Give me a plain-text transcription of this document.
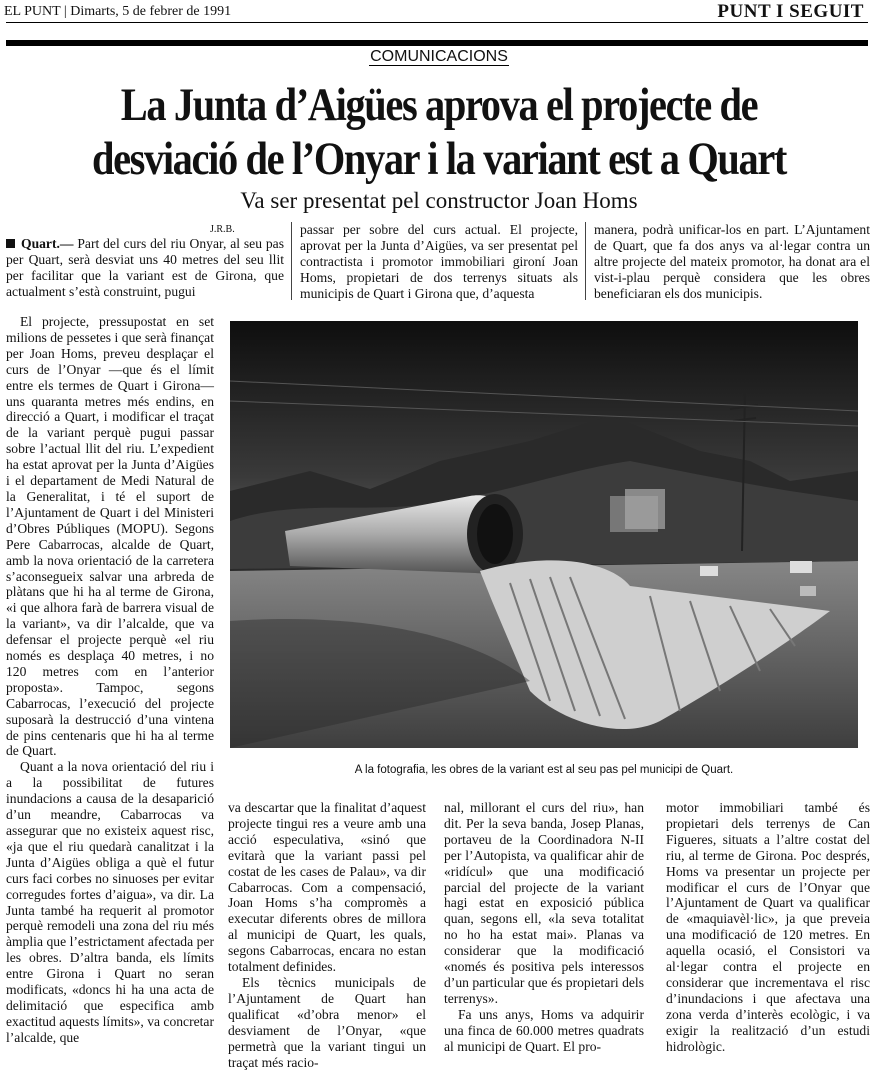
EL PUNT | Dimarts, 5 de febrer de 1991	PUNT I SEGUIT
COMUNICACIONS
La Junta d’Aigües aprova el projecte de
desviació de l’Onyar i la variant est a Quart
Va ser presentat pel constructor Joan Homs
J.R.B.

Quart.— Part del curs del riu Onyar, al seu pas per Quart, serà desviat uns 40 metres del seu llit per facilitar que la variant est de Girona, que actualment s’està construint, pugui

passar per sobre del curs actual. El projecte, aprovat per la Junta d’Aigües, va ser presentat pel contractista i promotor immobiliari gironí Joan Homs, propietari de dos terrenys situats als municipis de Quart i Girona que, d’aquesta

manera, podrà unificar-los en part. L’Ajuntament de Quart, que fa dos anys va al·legar contra un altre projecte del mateix promotor, ha donat ara el vist-i-plau perquè considera que les obres beneficiaran els dos municipis.

El projecte, pressupostat en set milions de pessetes i que serà finançat per Joan Homs, preveu desplaçar el curs de l’Onyar —que és el límit entre els termes de Quart i Girona— uns quaranta metres més endins, en direcció a Quart, i modificar el traçat de la variant perquè pugui passar sobre l’actual llit del riu. L’expedient ha estat aprovat per la Junta d’Aigües i el departament de Medi Natural de la Generalitat, i té el suport de l’Ajuntament de Quart i del Ministeri d’Obres Públiques (MOPU). Segons Pere Cabarrocas, alcalde de Quart, amb la nova orientació de la carretera s’aconsegueix salvar una arbreda de plàtans que hi ha al terme de Girona, «i que alhora farà de barrera visual de la variant», va dir l’alcalde, que va defensar el projecte perquè «el riu només es desplaça 40 metres, i no 120 metres com en l’anterior proposta». Tampoc, segons Cabarrocas, l’execució del projecte suposarà la destrucció d’una vintena de pins centenaris que hi ha al terme de Quart.

Quant a la nova orientació del riu i a la possibilitat de futures inundacions a causa de la desaparició d’un meandre, Cabarrocas va assegurar que no existeix aquest risc, «ja que el riu quedarà canalitzat i la Junta d’Aigües obliga a què el futur curs faci corbes no sinuoses per evitar corregudes fortes d’aigua», va dir. La Junta també ha requerit al promotor perquè remodeli una zona del riu més àmplia que l’estrictament afectada per les obres. D’altra banda, els límits entre Girona i Quart no seran modificats, «doncs hi ha una acta de delimitació que especifica amb exactitud aquests límits», va concretar l’alcalde, que

A la fotografia, les obres de la variant est al seu pas pel municipi de Quart.

va descartar que la finalitat d’aquest projecte tingui res a veure amb una acció especulativa, «sinó que evitarà que la variant passi pel costat de les cases de Palau», va dir Cabarrocas. Com a compensació, Joan Homs s’ha compromès a executar diferents obres de millora al municipi de Quart, les quals, segons Cabarrocas, encara no estan totalment definides.

Els tècnics municipals de l’Ajuntament de Quart han qualificat «d’obra menor» el desviament de l’Onyar, «que permetrà que la variant tingui un traçat més racio-

nal, millorant el curs del riu», han dit. Per la seva banda, Josep Planas, portaveu de la Coordinadora N-II per l’Autopista, va qualificar ahir de «ridícul» que una modificació parcial del projecte de la variant hagi estat en exposició pública quan, segons ell, «la seva totalitat no ho ha estat mai». Planas va considerar que la modificació «només és positiva pels interessos d’un particular que és propietari dels terrenys».

Fa uns anys, Homs va adquirir una finca de 60.000 metres quadrats al municipi de Quart. El pro-

motor immobiliari també és propietari dels terrenys de Can Figueres, situats a l’altre costat del riu, al terme de Girona. Poc després, Homs va presentar un projecte per modificar el curs de l’Onyar que l’Ajuntament de Quart va qualificar de «maquiavèl·lic», ja que preveia una modificació de 120 metres. En aquella ocasió, el Consistori va al·legar contra el projecte en considerar que incrementava el risc d’inundacions i que afectava una zona verda d’interès ecològic, i va exigir la realització d’un estudi hidrològic.
